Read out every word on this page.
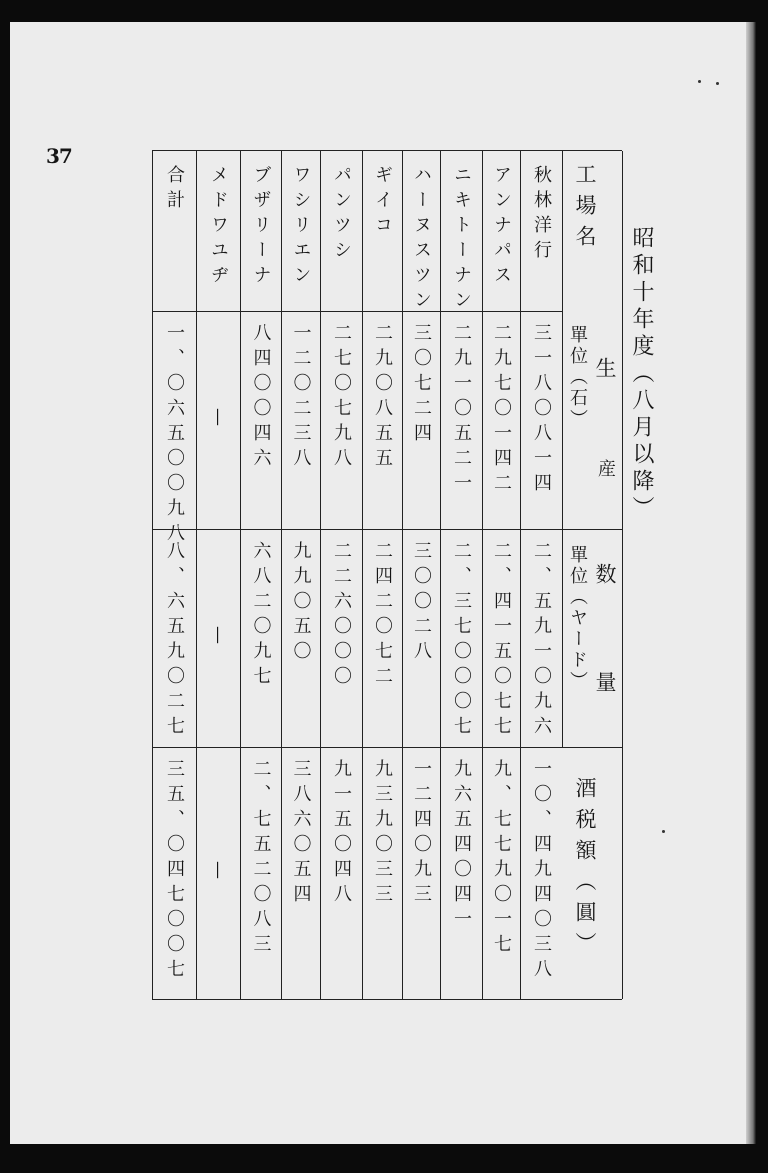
37
昭和十年度（八月以降）
工場名
生
産
数
量
單位（石）
單位（ヤード）
酒税額（圓）
秋林洋行
三一八〇八一四
二、五九一〇九六
一〇、四九四〇三八
アンナパス
二九七〇一四二
二、四一五〇七七
九、七七九〇一七
ニキトーナン
二九一〇五二一
二、三七〇〇〇七
九六五四〇四一
ハーヌスツン
三〇七二四
三〇〇二八
一二四〇九三
ギイコ
二九〇八五五
二四二〇七二
九三九〇三三
パンツシ
二七〇七九八
二二六〇〇〇
九一五〇四八
ワシリエン
一二〇二三八
九九〇五〇
三八六〇五四
ブザリーナ
八四〇〇四六
六八二〇九七
二、七五二〇八三
メドワユヂ
—
—
—
合計
一、〇六五〇〇九八
八、六五九〇二七
三五、〇四七〇〇七
